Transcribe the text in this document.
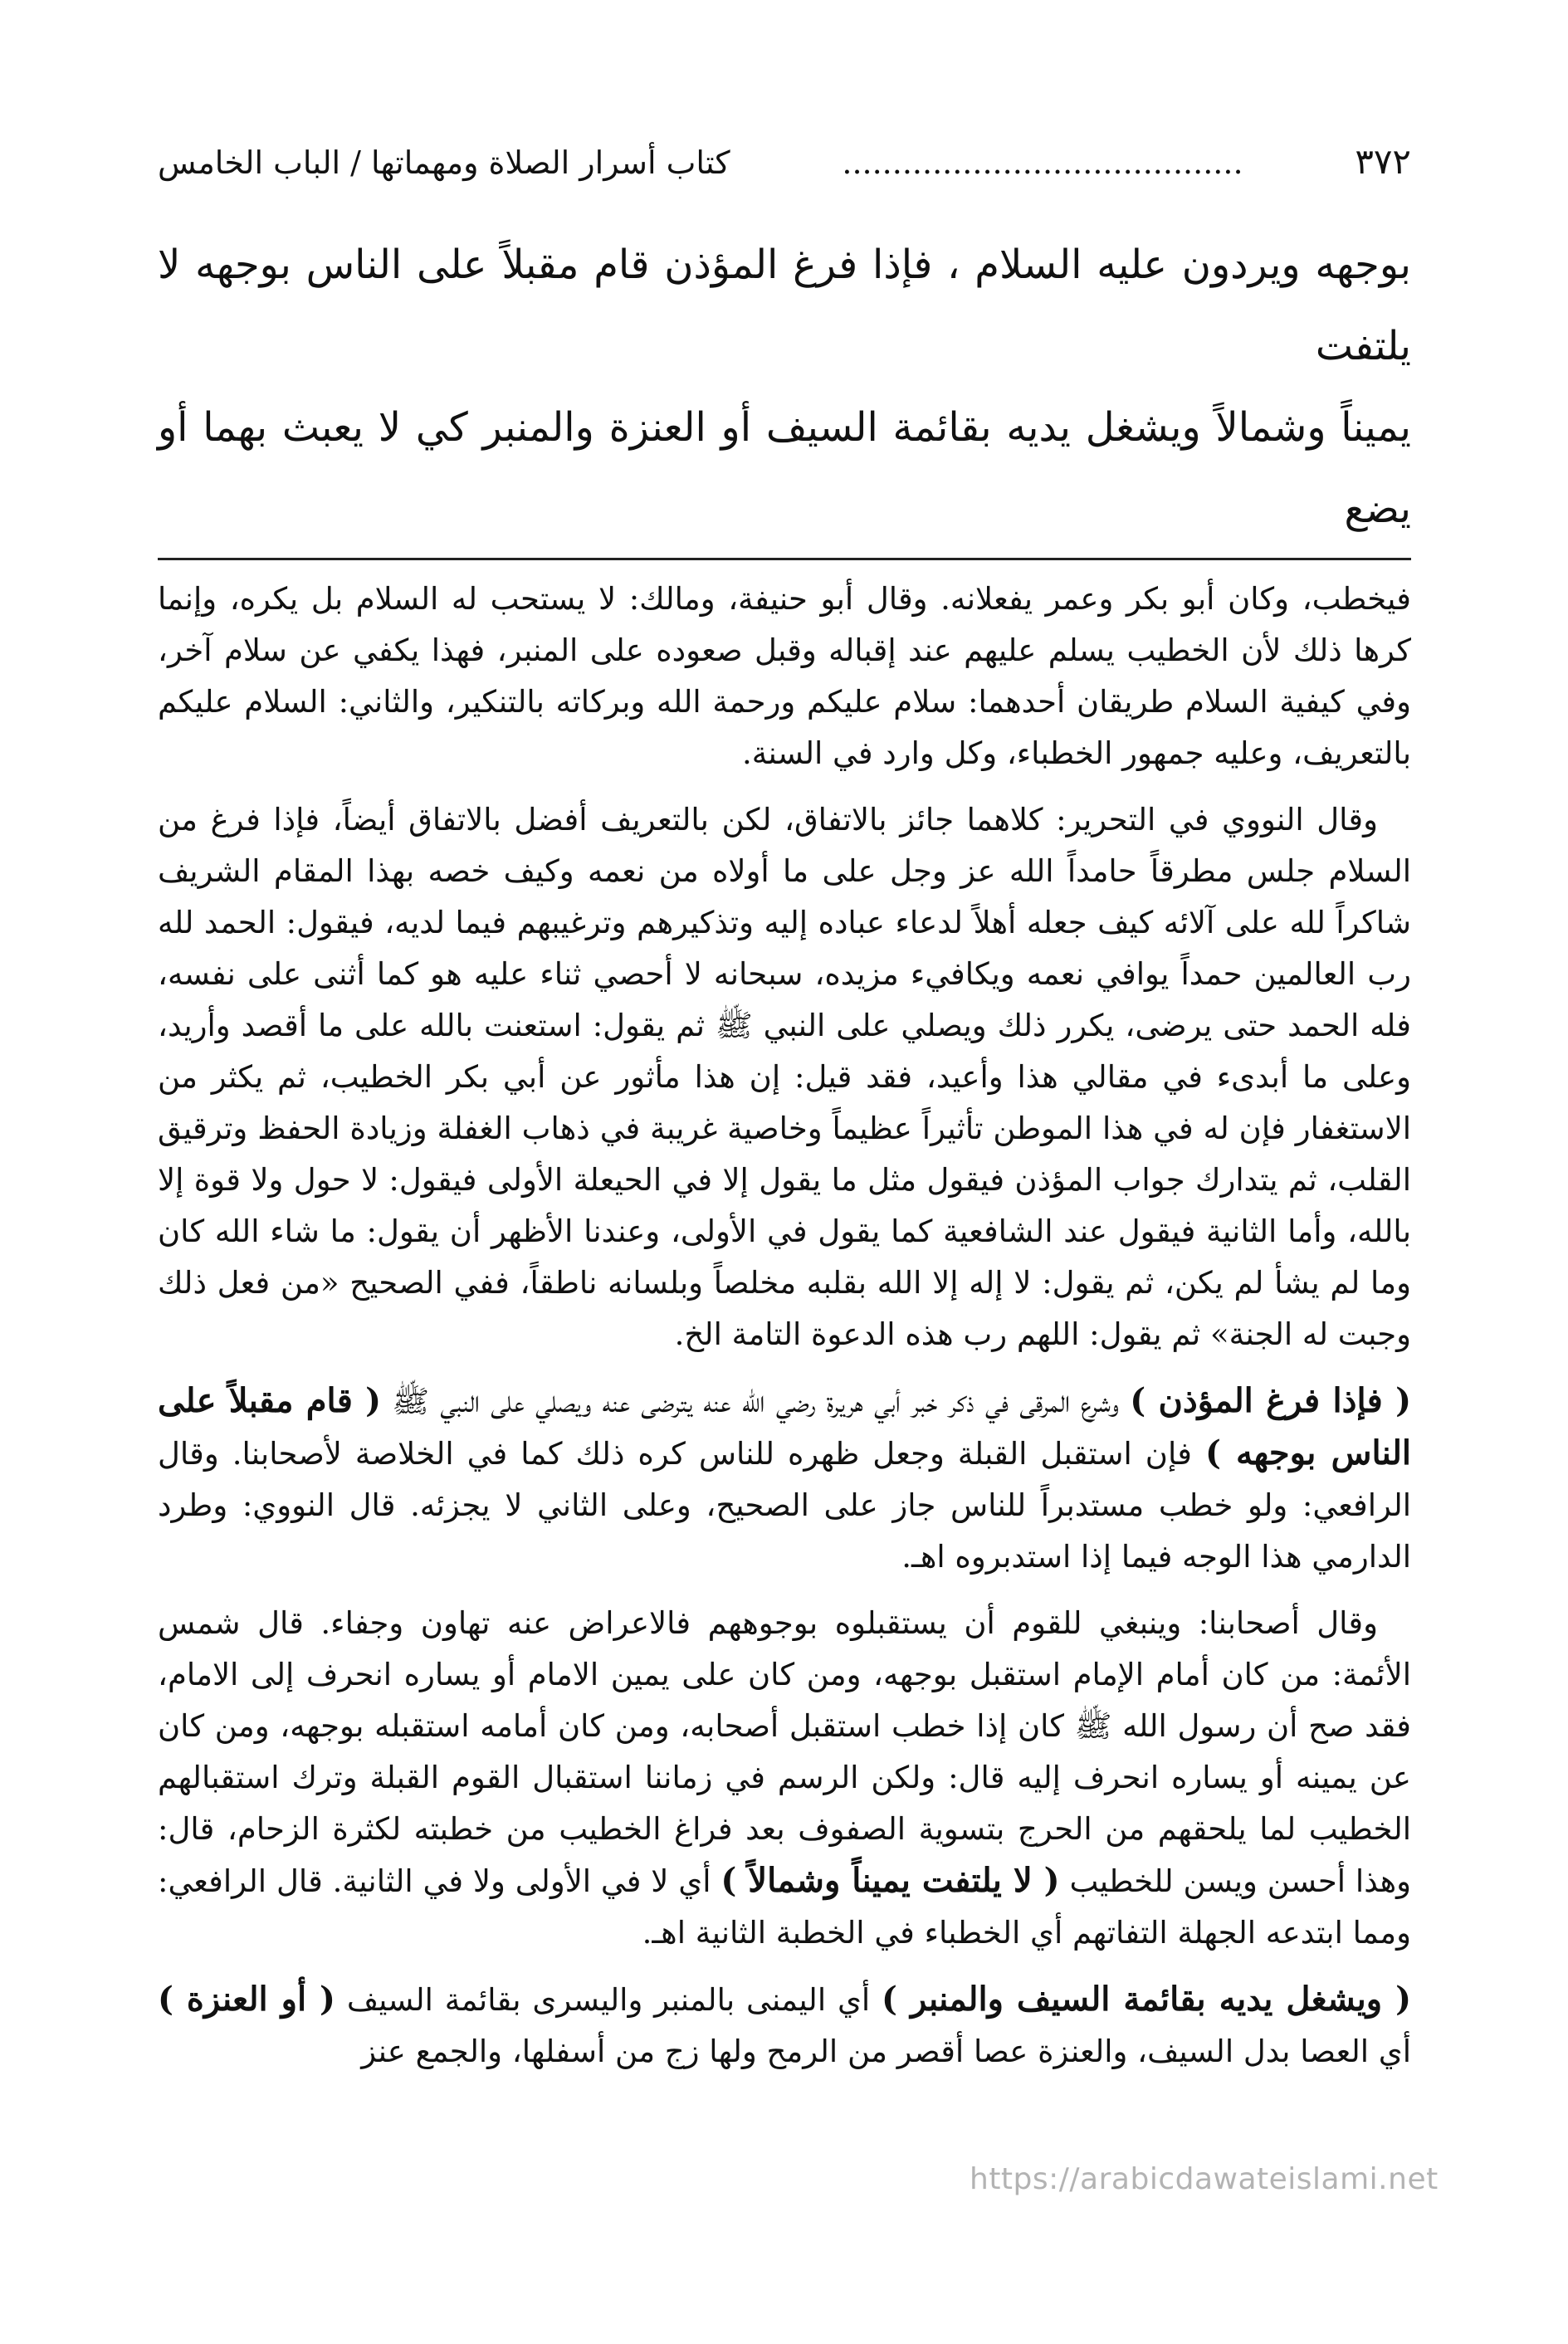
٣٧٢
........................................
كتاب أسرار الصلاة ومهماتها / الباب الخامس
بوجهه ويردون عليه السلام ، فإذا فرغ المؤذن قام مقبلاً على الناس بوجهه لا يلتفت
يميناً وشمالاً ويشغل يديه بقائمة السيف أو العنزة والمنبر كي لا يعبث بهما أو يضع

فيخطب، وكان أبو بكر وعمر يفعلانه. وقال أبو حنيفة، ومالك: لا يستحب له السلام بل يكره، وإنما كرها ذلك لأن الخطيب يسلم عليهم عند إقباله وقبل صعوده على المنبر، فهذا يكفي عن سلام آخر، وفي كيفية السلام طريقان أحدهما: سلام عليكم ورحمة الله وبركاته بالتنكير، والثاني: السلام عليكم بالتعريف، وعليه جمهور الخطباء، وكل وارد في السنة.

وقال النووي في التحرير: كلاهما جائز بالاتفاق، لكن بالتعريف أفضل بالاتفاق أيضاً، فإذا فرغ من السلام جلس مطرقاً حامداً الله عز وجل على ما أولاه من نعمه وكيف خصه بهذا المقام الشريف شاكراً لله على آلائه كيف جعله أهلاً لدعاء عباده إليه وتذكيرهم وترغيبهم فيما لديه، فيقول: الحمد لله رب العالمين حمداً يوافي نعمه ويكافيء مزيده، سبحانه لا أحصي ثناء عليه هو كما أثنى على نفسه، فله الحمد حتى يرضى، يكرر ذلك ويصلي على النبي ﷺ ثم يقول: استعنت بالله على ما أقصد وأريد، وعلى ما أبدىء في مقالي هذا وأعيد، فقد قيل: إن هذا مأثور عن أبي بكر الخطيب، ثم يكثر من الاستغفار فإن له في هذا الموطن تأثيراً عظيماً وخاصية غريبة في ذهاب الغفلة وزيادة الحفظ وترقيق القلب، ثم يتدارك جواب المؤذن فيقول مثل ما يقول إلا في الحيعلة الأولى فيقول: لا حول ولا قوة إلا بالله، وأما الثانية فيقول عند الشافعية كما يقول في الأولى، وعندنا الأظهر أن يقول: ما شاء الله كان وما لم يشأ لم يكن، ثم يقول: لا إله إلا الله بقلبه مخلصاً وبلسانه ناطقاً، ففي الصحيح «من فعل ذلك وجبت له الجنة» ثم يقول: اللهم رب هذه الدعوة التامة الخ.

( فإذا فرغ المؤذن ) وشرع المرقى في ذكر خبر أبي هريرة رضي الله عنه يترضى عنه ويصلي على النبي ﷺ ( قام مقبلاً على الناس بوجهه ) فإن استقبل القبلة وجعل ظهره للناس كره ذلك كما في الخلاصة لأصحابنا. وقال الرافعي: ولو خطب مستدبراً للناس جاز على الصحيح، وعلى الثاني لا يجزئه. قال النووي: وطرد الدارمي هذا الوجه فيما إذا استدبروه اهـ.

وقال أصحابنا: وينبغي للقوم أن يستقبلوه بوجوههم فالاعراض عنه تهاون وجفاء. قال شمس الأئمة: من كان أمام الإمام استقبل بوجهه، ومن كان على يمين الامام أو يساره انحرف إلى الامام، فقد صح أن رسول الله ﷺ كان إذا خطب استقبل أصحابه، ومن كان أمامه استقبله بوجهه، ومن كان عن يمينه أو يساره انحرف إليه قال: ولكن الرسم في زماننا استقبال القوم القبلة وترك استقبالهم الخطيب لما يلحقهم من الحرج بتسوية الصفوف بعد فراغ الخطيب من خطبته لكثرة الزحام، قال: وهذا أحسن ويسن للخطيب ( لا يلتفت يميناً وشمالاً ) أي لا في الأولى ولا في الثانية. قال الرافعي: ومما ابتدعه الجهلة التفاتهم أي الخطباء في الخطبة الثانية اهـ.

( ويشغل يديه بقائمة السيف والمنبر ) أي اليمنى بالمنبر واليسرى بقائمة السيف ( أو العنزة ) أي العصا بدل السيف، والعنزة عصا أقصر من الرمح ولها زج من أسفلها، والجمع عنز

https://arabicdawateislami.net
